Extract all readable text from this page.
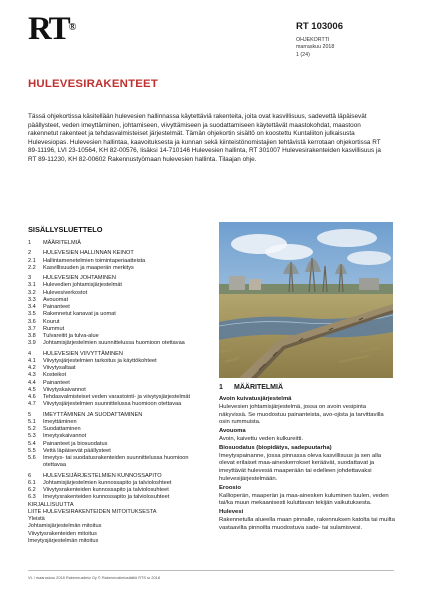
RT®	RT 103006
OHJEKORTTI
marraskuu 2018
1 (24)
HULEVESIRAKENTEET

Tässä ohjekortissa käsitellään hulevesien hallinnassa käytettäviä rakenteita, joita ovat kasvillisuus, sadevettä läpäisevät päällysteet, veden imeyttäminen, johtamiseen, viivyttämiseen ja suodattamiseen käytettävät maastokohdat, maastoon rakennetut rakenteet ja tehdasvalmisteiset järjestelmät. Tämän ohjekortin sisältö on koostettu Kuntaliiton julkaisusta Hulevesiopas. Hulevesien hallintaa, kaavoituksesta ja kunnan sekä kiinteistönomistajien tehtävistä kerrotaan ohjekortissa RT 89-11196, LVI 23-10564, KH 82-00576, lisäksi 14-710146 Hulevesien hallinta, RT 301007 Hulevesirakenteiden kasvillisuus ja RT 89-11230, KH 82-00602 Rakennustyömaan hulevesien hallinta. Tilaajan ohje.

SISÄLLYSLUETTELO
1	MÄÄRITELMIÄ
2	HULEVESIEN HALLINNAN KEINOT
2.1	Hallintamenetelmien toimintaperiaatteista
2.2	Kasvillisuuden ja maaperän merkitys
3	HULEVESIEN JOHTAMINEN
3.1	Hulevedien johtamisjärjestelmät
3.2	Hulevesiverkostot
3.3	Avouomat
3.4	Painanteet
3.5	Rakennetut kanavat ja uomat
3.6	Kourut
3.7	Rummut
3.8	Tulvareitit ja tulva-alue
3.9	Johtamisjärjestelmien suunnittelussa huomioon otettavaa
4	HULEVESIEN VIIVYTTÄMINEN
4.1	Viivytysjärjestelmien tarkoitus ja käyttökohteet
4.2	Viivytysaltaat
4.3	Kosteikot
4.4	Painanteet
4.5	Viivytyskaivannot
4.6	Tehdasvalmisteiset veden varastointi- ja viivytysjärjestelmät
4.7	Viivytysjärjestelmien suunnittelussa huomioon otettavaa
5	IMEYTTÄMINEN JA SUODATTAMINEN
5.1	Imeyttäminen
5.2	Suodattaminen
5.3	Imeytyskaivannot
5.4	Painanteet ja biosuodatus
5.5	Vettä läpäisevät päällysteet
5.6	Imeytys- tai suodatusrakenteiden suunnittelussa huomioon
otettavaa
6	HULEVESIJÄRJESTELMIEN KUNNOSSAPITO
6.1	Johtamisjärjestelmien kunnossapito ja talvioloshteet
6.2	Viivytysrakenteiden kunnossapito ja talviolosuhteet
6.3	Imeytysrakenteiden kunnossapito ja talviolosuhteet
KIRJALLISUUTTA
LIITE HULEVESIRAKENTEIDEN MITOITUKSESTA
Yleistä
Johtamisjärjestelmän mitoitus
Viivytysrakenteiden mitoitus
Imeytysjärjestelmän mitoitus
1	MÄÄRITELMIÄ
Avoin kuivatusjärjestelmä
Hulevesien johtamisjärjestelmä, jossa on avoin vesipinta näkyvissä. Se muodostuu painanteista, avo-ojista ja tarvittavilla osin rummuista.
Avouoma
Avoin, kaivettu veden kulkureitti.
Biosuodatus (biopidätys, sadepuutarha)
Imeytyspainanne, jossa pinnassa oleva kasvillisuus ja sen alla olevat erilaiset maa-aineskerrokset keräävät, suodattavat ja imeyttävät hulevesiä maaperään tai edelleen johdettavaksi hulevesijärjestelmään.
Eroosio
Kallioperän, maaperän ja maa-ainesken kuluminen tuulen, veden tai/ka muun mekaanisesti kuluttavan tekijän vaikutuksesta.
Hulevesi
Rakennetulla alueella maan pinnalle, rakennuksen katolta tai muilta vastaavilta pinnoilta muodostuva sade- tai sulamisvesi.
VL / maaruskuu 2018 Rakennustieto Oy © Rakennustietosäätiö RTS sr 2018
